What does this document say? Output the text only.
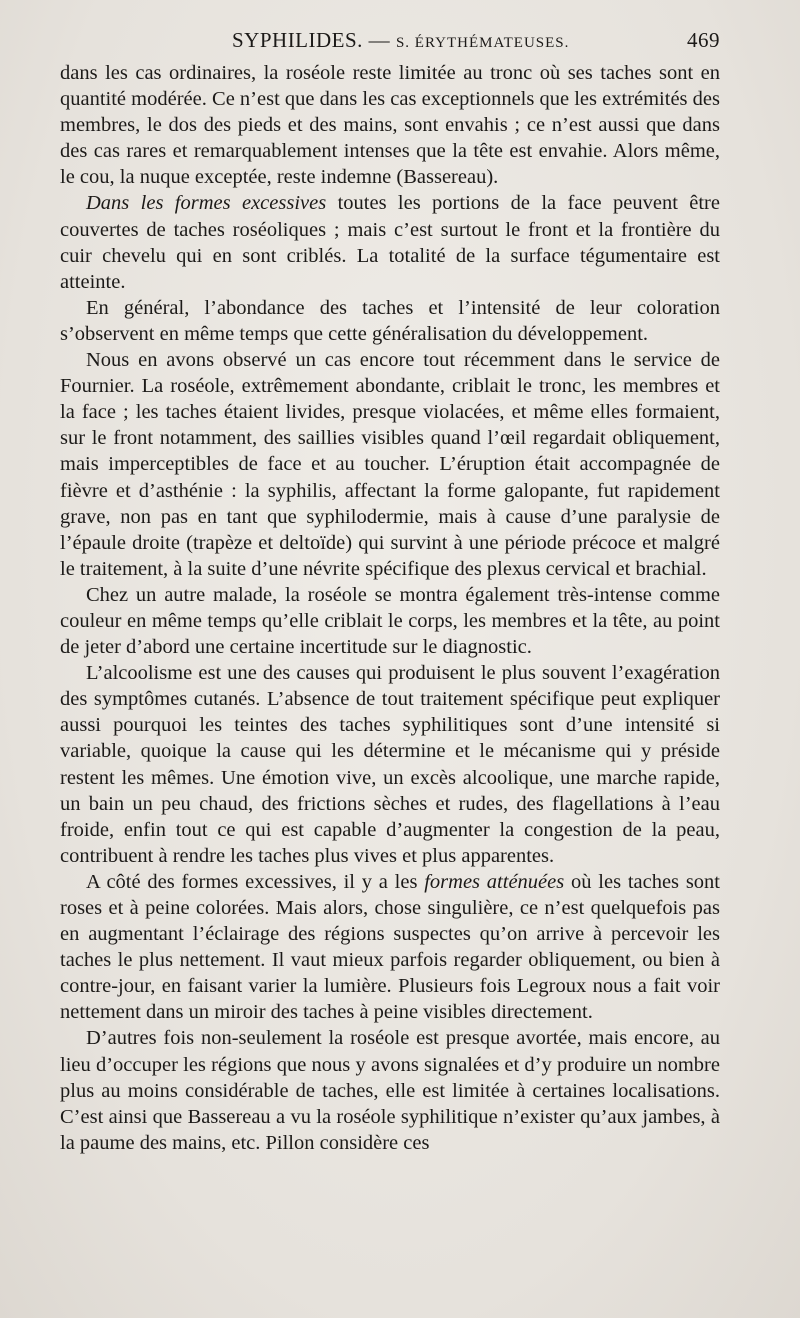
SYPHILIDES. — S. ÉRYTHÉMATEUSES.	469

dans les cas ordinaires, la roséole reste limitée au tronc où ses taches sont en quantité modérée. Ce n’est que dans les cas exceptionnels que les extrémités des membres, le dos des pieds et des mains, sont envahis ; ce n’est aussi que dans des cas rares et remarquablement intenses que la tête est envahie. Alors même, le cou, la nuque exceptée, reste indemne (Bassereau).

Dans les formes excessives toutes les portions de la face peuvent être couvertes de taches roséoliques ; mais c’est surtout le front et la frontière du cuir chevelu qui en sont criblés. La totalité de la surface tégumentaire est atteinte.

En général, l’abondance des taches et l’intensité de leur coloration s’observent en même temps que cette généralisation du développement.

Nous en avons observé un cas encore tout récemment dans le service de Fournier. La roséole, extrêmement abondante, criblait le tronc, les membres et la face ; les taches étaient livides, presque violacées, et même elles formaient, sur le front notamment, des saillies visibles quand l’œil regardait obliquement, mais imperceptibles de face et au toucher. L’éruption était accompagnée de fièvre et d’asthénie : la syphilis, affectant la forme galopante, fut rapidement grave, non pas en tant que syphilodermie, mais à cause d’une paralysie de l’épaule droite (trapèze et deltoïde) qui survint à une période précoce et malgré le traitement, à la suite d’une névrite spécifique des plexus cervical et brachial.

Chez un autre malade, la roséole se montra également très-intense comme couleur en même temps qu’elle criblait le corps, les membres et la tête, au point de jeter d’abord une certaine incertitude sur le diagnostic.

L’alcoolisme est une des causes qui produisent le plus souvent l’exagération des symptômes cutanés. L’absence de tout traitement spécifique peut expliquer aussi pourquoi les teintes des taches syphilitiques sont d’une intensité si variable, quoique la cause qui les détermine et le mécanisme qui y préside restent les mêmes. Une émotion vive, un excès alcoolique, une marche rapide, un bain un peu chaud, des frictions sèches et rudes, des flagellations à l’eau froide, enfin tout ce qui est capable d’augmenter la congestion de la peau, contribuent à rendre les taches plus vives et plus apparentes.

A côté des formes excessives, il y a les formes atténuées où les taches sont roses et à peine colorées. Mais alors, chose singulière, ce n’est quelquefois pas en augmentant l’éclairage des régions suspectes qu’on arrive à percevoir les taches le plus nettement. Il vaut mieux parfois regarder obliquement, ou bien à contre-jour, en faisant varier la lumière. Plusieurs fois Legroux nous a fait voir nettement dans un miroir des taches à peine visibles directement.

D’autres fois non-seulement la roséole est presque avortée, mais encore, au lieu d’occuper les régions que nous y avons signalées et d’y produire un nombre plus au moins considérable de taches, elle est limitée à certaines localisations. C’est ainsi que Bassereau a vu la roséole syphilitique n’exister qu’aux jambes, à la paume des mains, etc. Pillon considère ces
